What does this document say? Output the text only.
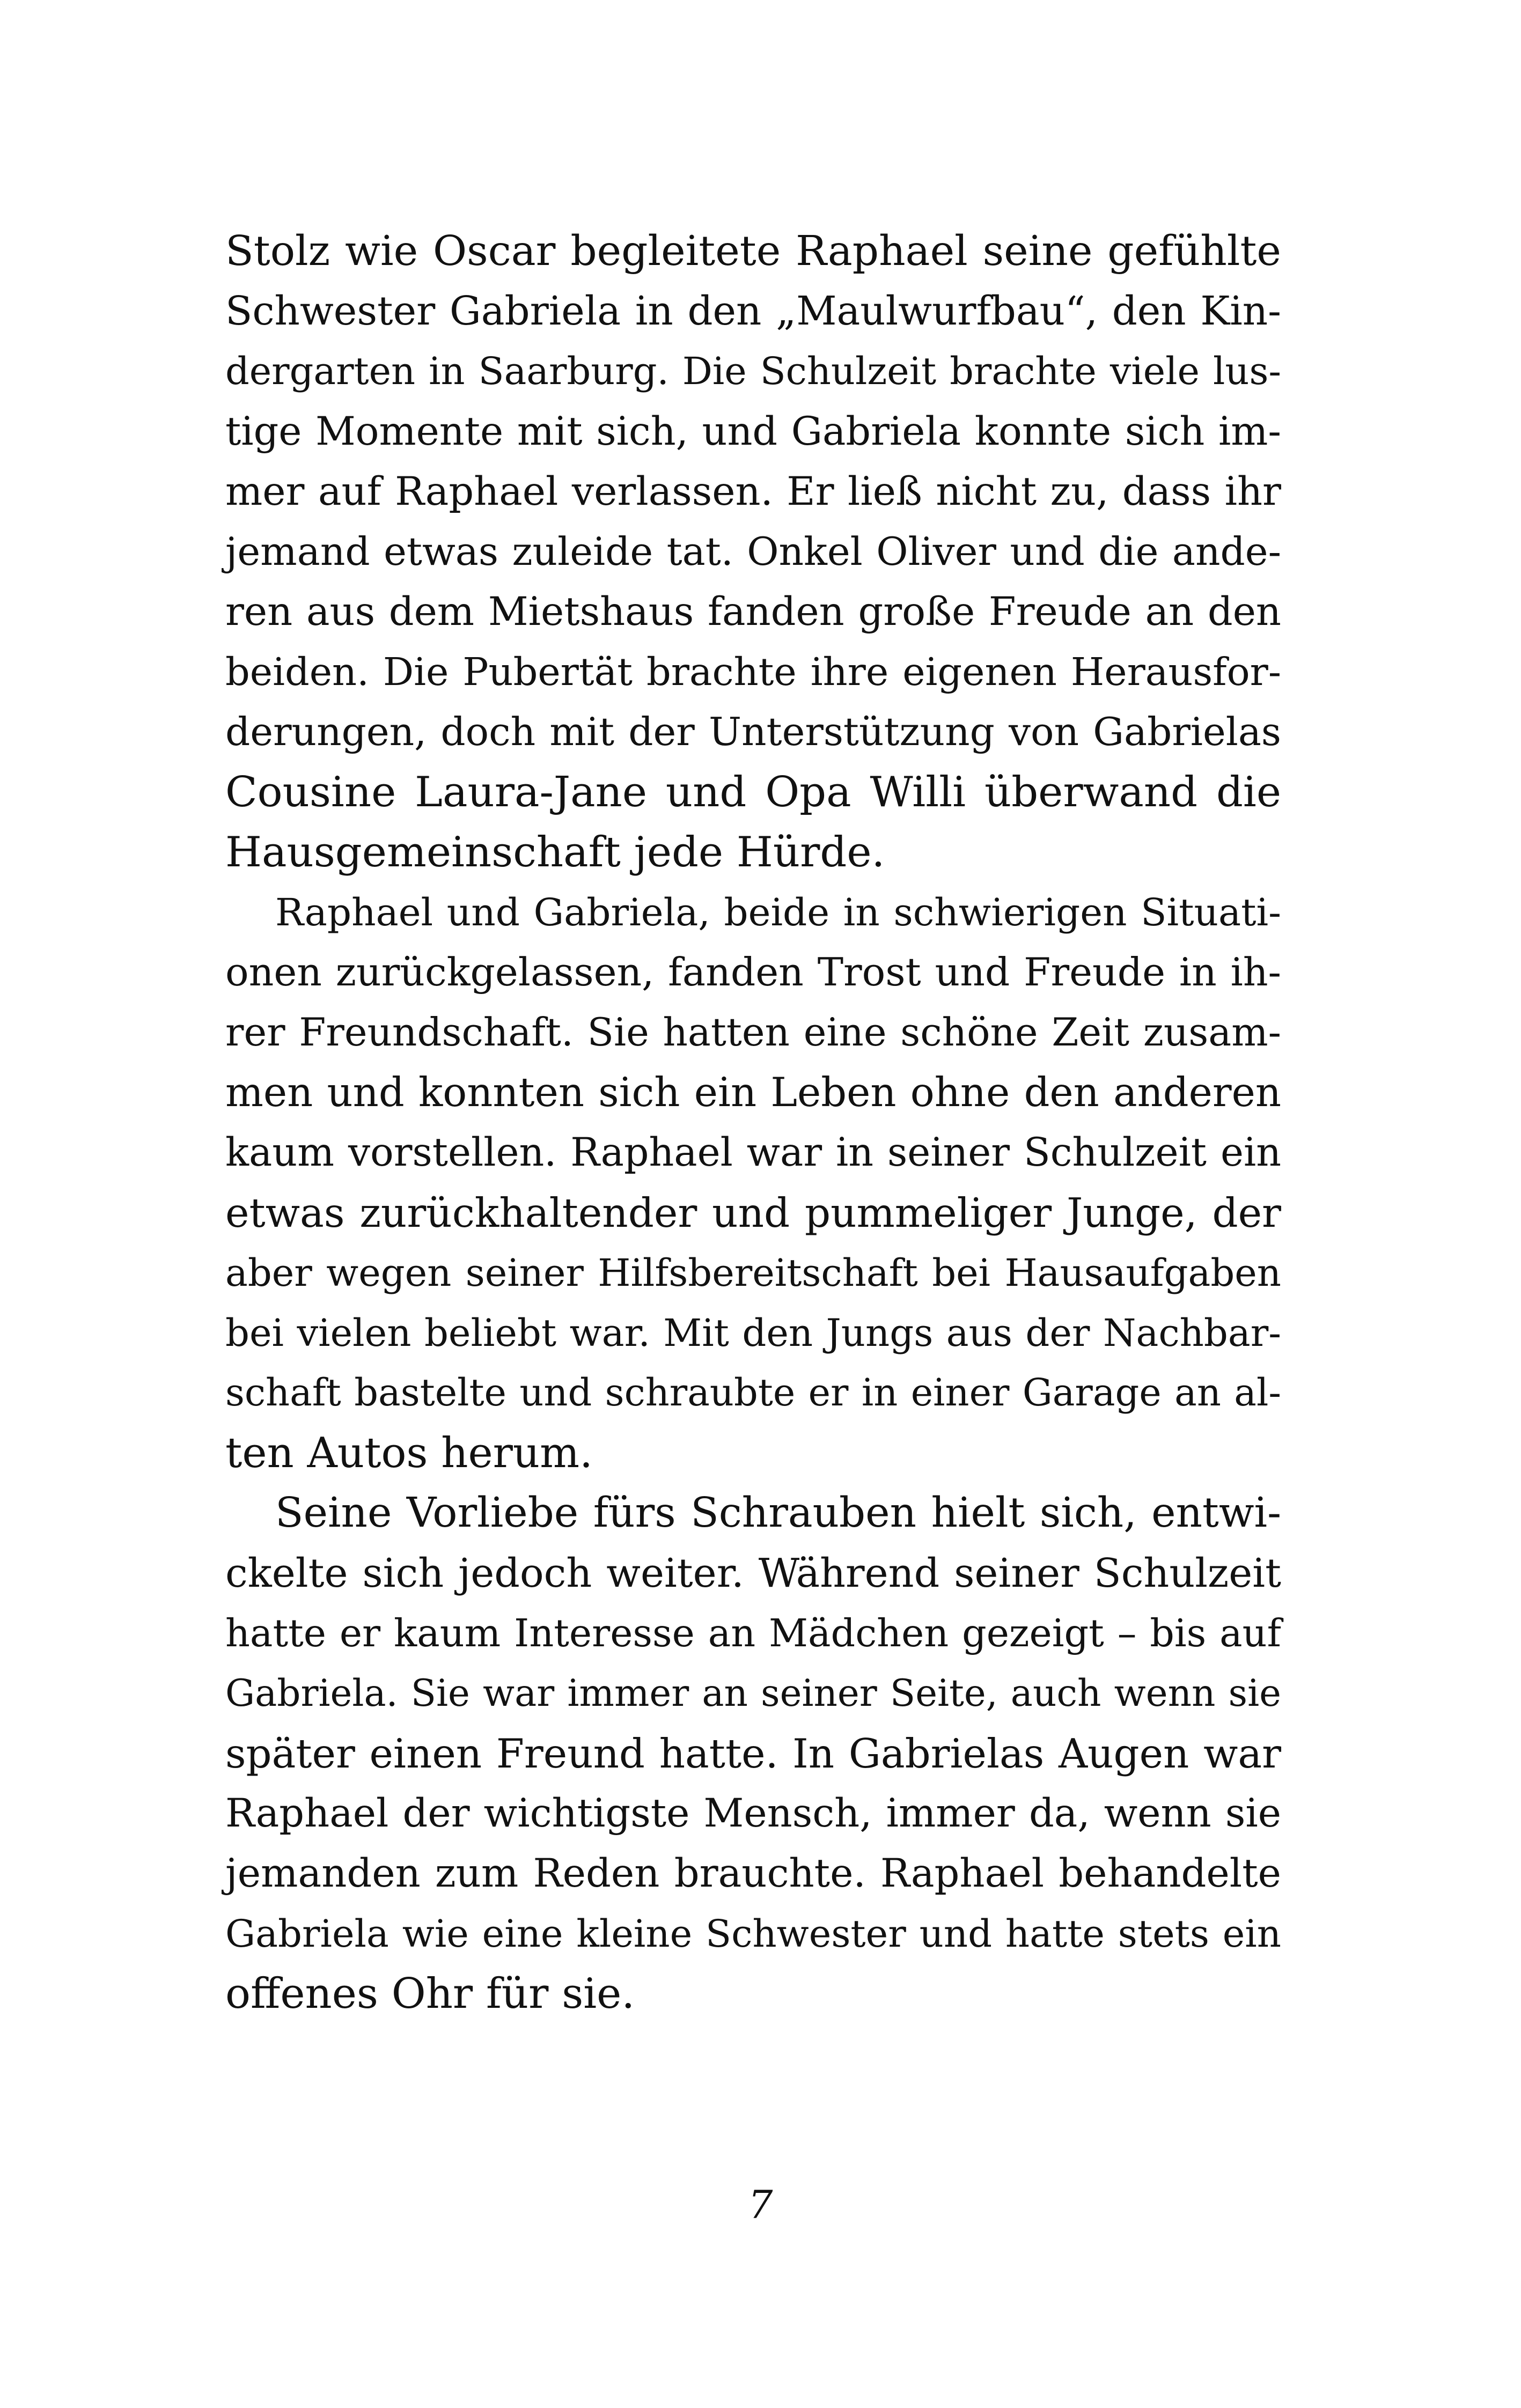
Stolz wie Oscar begleitete Raphael seine gefühlte
Schwester Gabriela in den „Maulwurfbau“, den Kin-
dergarten in Saarburg. Die Schulzeit brachte viele lus-
tige Momente mit sich, und Gabriela konnte sich im-
mer auf Raphael verlassen. Er ließ nicht zu, dass ihr
jemand etwas zuleide tat. Onkel Oliver und die ande-
ren aus dem Mietshaus fanden große Freude an den
beiden. Die Pubertät brachte ihre eigenen Herausfor-
derungen, doch mit der Unterstützung von Gabrielas
Cousine Laura-Jane und Opa Willi überwand die
Hausgemeinschaft jede Hürde.
Raphael und Gabriela, beide in schwierigen Situati-
onen zurückgelassen, fanden Trost und Freude in ih-
rer Freundschaft. Sie hatten eine schöne Zeit zusam-
men und konnten sich ein Leben ohne den anderen
kaum vorstellen. Raphael war in seiner Schulzeit ein
etwas zurückhaltender und pummeliger Junge, der
aber wegen seiner Hilfsbereitschaft bei Hausaufgaben
bei vielen beliebt war. Mit den Jungs aus der Nachbar-
schaft bastelte und schraubte er in einer Garage an al-
ten Autos herum.
Seine Vorliebe fürs Schrauben hielt sich, entwi-
ckelte sich jedoch weiter. Während seiner Schulzeit
hatte er kaum Interesse an Mädchen gezeigt – bis auf
Gabriela. Sie war immer an seiner Seite, auch wenn sie
später einen Freund hatte. In Gabrielas Augen war
Raphael der wichtigste Mensch, immer da, wenn sie
jemanden zum Reden brauchte. Raphael behandelte
Gabriela wie eine kleine Schwester und hatte stets ein
offenes Ohr für sie.
7
